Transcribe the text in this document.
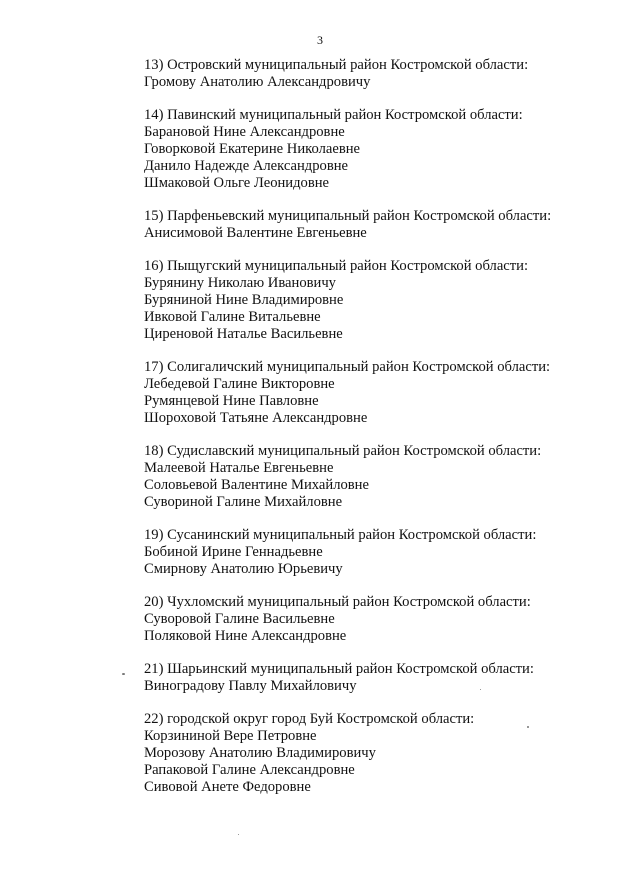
3
13) Островский муниципальный район Костромской области:
Громову Анатолию Александровичу
14) Павинский муниципальный район Костромской области:
Барановой Нине Александровне
Говорковой Екатерине Николаевне
Данило Надежде Александровне
Шмаковой Ольге Леонидовне
15) Парфеньевский муниципальный район Костромской области:
Анисимовой Валентине Евгеньевне
16) Пыщугский муниципальный район Костромской области:
Бурянину Николаю Ивановичу
Буряниной Нине Владимировне
Ивковой Галине Витальевне
Циреновой Наталье Васильевне
17) Солигаличский муниципальный район Костромской области:
Лебедевой Галине Викторовне
Румянцевой Нине Павловне
Шороховой Татьяне Александровне
18) Судиславский муниципальный район Костромской области:
Малеевой Наталье Евгеньевне
Соловьевой Валентине Михайловне
Суворинoй Галине Михайловне
19) Сусанинский муниципальный район Костромской области:
Бобиной Ирине Геннадьевне
Смирнову Анатолию Юрьевичу
20) Чухломский муниципальный район Костромской области:
Суворовой Галине Васильевне
Поляковой Нине Александровне
21) Шарьинский муниципальный район Костромской области:
Виноградову Павлу Михайловичу
22) городской округ город Буй Костромской области:
Корзининой Вере Петровне
Морозову Анатолию Владимировичу
Рапаковой Галине Александровне
Сивовой Анете Федоровне
